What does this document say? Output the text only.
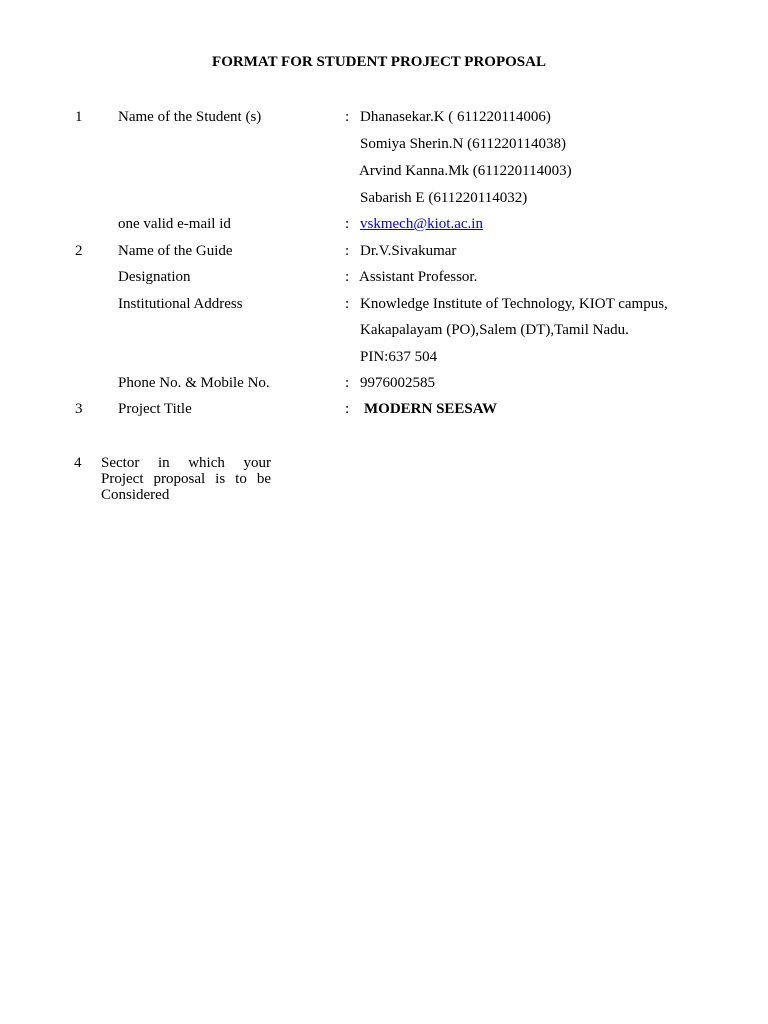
FORMAT FOR STUDENT PROJECT PROPOSAL
1 Name of the Student (s)	: Dhanasekar.K ( 611220114006)
Somiya Sherin.N (611220114038)
Arvind Kanna.Mk (611220114003)
Sabarish E (611220114032)
one valid e-mail id	: vskmech@kiot.ac.in
2 Name of the Guide	: Dr.V.Sivakumar
Designation	: Assistant Professor.
Institutional Address	: Knowledge Institute of Technology, KIOT campus,
Kakapalayam (PO),Salem (DT),Tamil Nadu.
PIN:637 504
Phone No. & Mobile No.	: 9976002585
3 Project Title	: MODERN SEESAW
4 Sector in which your Project proposal is to be Considered
